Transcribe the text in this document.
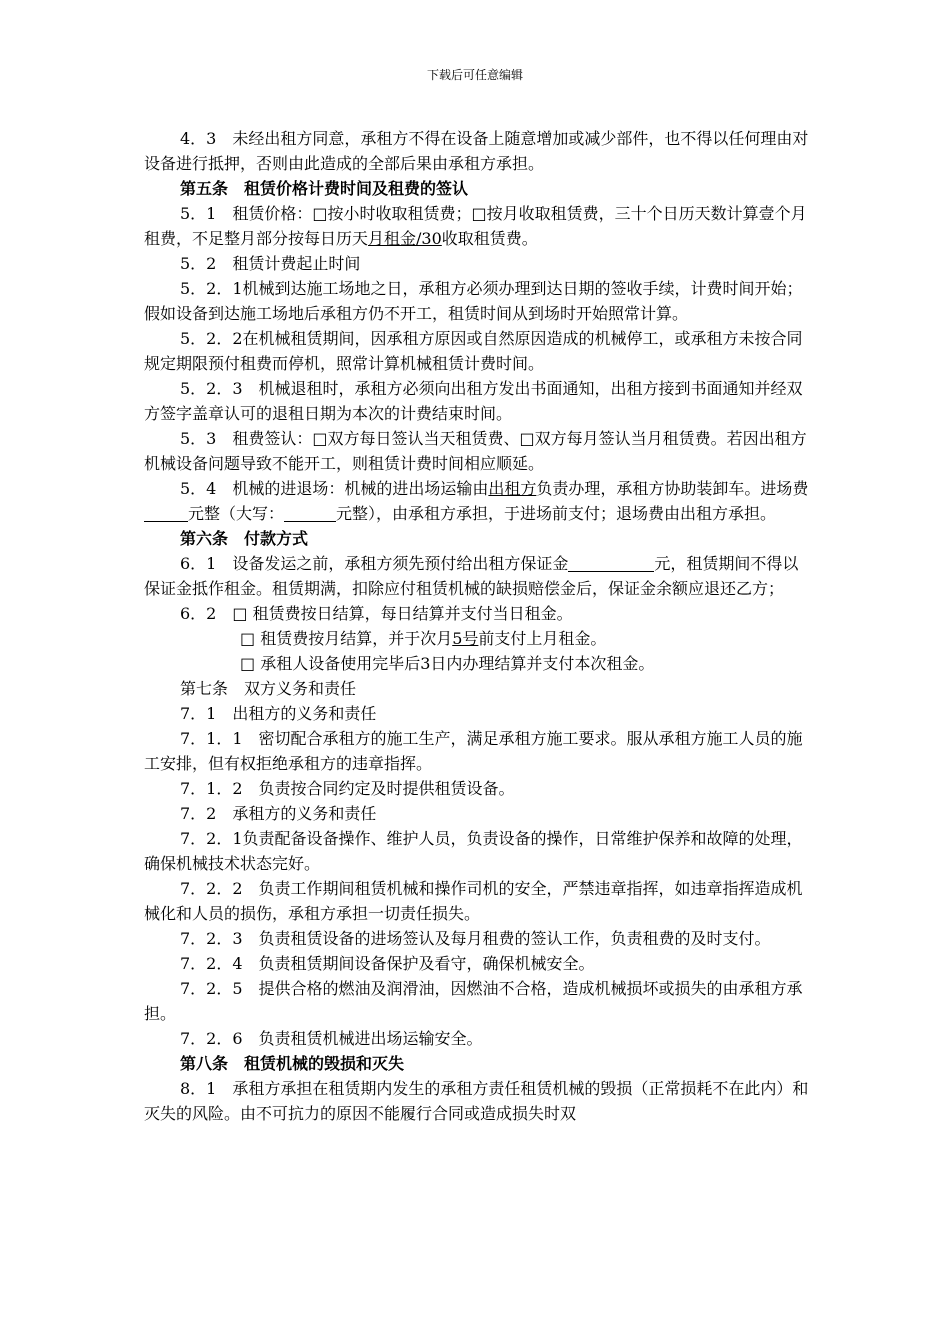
下载后可任意编辑

4．3　未经出租方同意，承租方不得在设备上随意增加或减少部件，也不得以任何理由对设备进行抵押，否则由此造成的全部后果由承租方承担。

第五条　租赁价格计费时间及租费的签认

5．1　租赁价格：□按小时收取租赁费；□按月收取租赁费，三十个日历天数计算壹个月租费，不足整月部分按每日历天月租金/30收取租赁费。

5．2　租赁计费起止时间

5．2．1机械到达施工场地之日，承租方必须办理到达日期的签收手续，计费时间开始；假如设备到达施工场地后承租方仍不开工，租赁时间从到场时开始照常计算。

5．2．2在机械租赁期间，因承租方原因或自然原因造成的机械停工，或承租方未按合同规定期限预付租费而停机，照常计算机械租赁计费时间。

5．2．3　机械退租时，承租方必须向出租方发出书面通知，出租方接到书面通知并经双方签字盖章认可的退租日期为本次的计费结束时间。

5．3　租费签认：□双方每日签认当天租赁费、□双方每月签认当月租赁费。若因出租方机械设备问题导致不能开工，则租赁计费时间相应顺延。

5．4　机械的进退场：机械的进出场运输由出租方负责办理，承租方协助装卸车。进场费元整（大写：	元整），由承租方承担，于进场前支付；退场费由出租方承担。

第六条　付款方式

6．1　设备发运之前，承租方须先预付给出租方保证金	元，租赁期间不得以保证金抵作租金。租赁期满，扣除应付租赁机械的缺损赔偿金后，保证金余额应退还乙方；

6．2　□ 租赁费按日结算，每日结算并支付当日租金。

□ 租赁费按月结算，并于次月5号前支付上月租金。

□ 承租人设备使用完毕后3日内办理结算并支付本次租金。

第七条　双方义务和责任

7．1　出租方的义务和责任

7．1．1　密切配合承租方的施工生产，满足承租方施工要求。服从承租方施工人员的施工安排，但有权拒绝承租方的违章指挥。

7．1．2　负责按合同约定及时提供租赁设备。

7．2　承租方的义务和责任

7．2．1负责配备设备操作、维护人员，负责设备的操作，日常维护保养和故障的处理，确保机械技术状态完好。

7．2．2　负责工作期间租赁机械和操作司机的安全，严禁违章指挥，如违章指挥造成机械化和人员的损伤，承租方承担一切责任损失。

7．2．3　负责租赁设备的进场签认及每月租费的签认工作，负责租费的及时支付。

7．2．4　负责租赁期间设备保护及看守，确保机械安全。

7．2．5　提供合格的燃油及润滑油，因燃油不合格，造成机械损坏或损失的由承租方承担。

7．2．6　负责租赁机械进出场运输安全。

第八条　租赁机械的毁损和灭失

8．1　承租方承担在租赁期内发生的承租方责任租赁机械的毁损（正常损耗不在此内）和灭失的风险。由不可抗力的原因不能履行合同或造成损失时双
